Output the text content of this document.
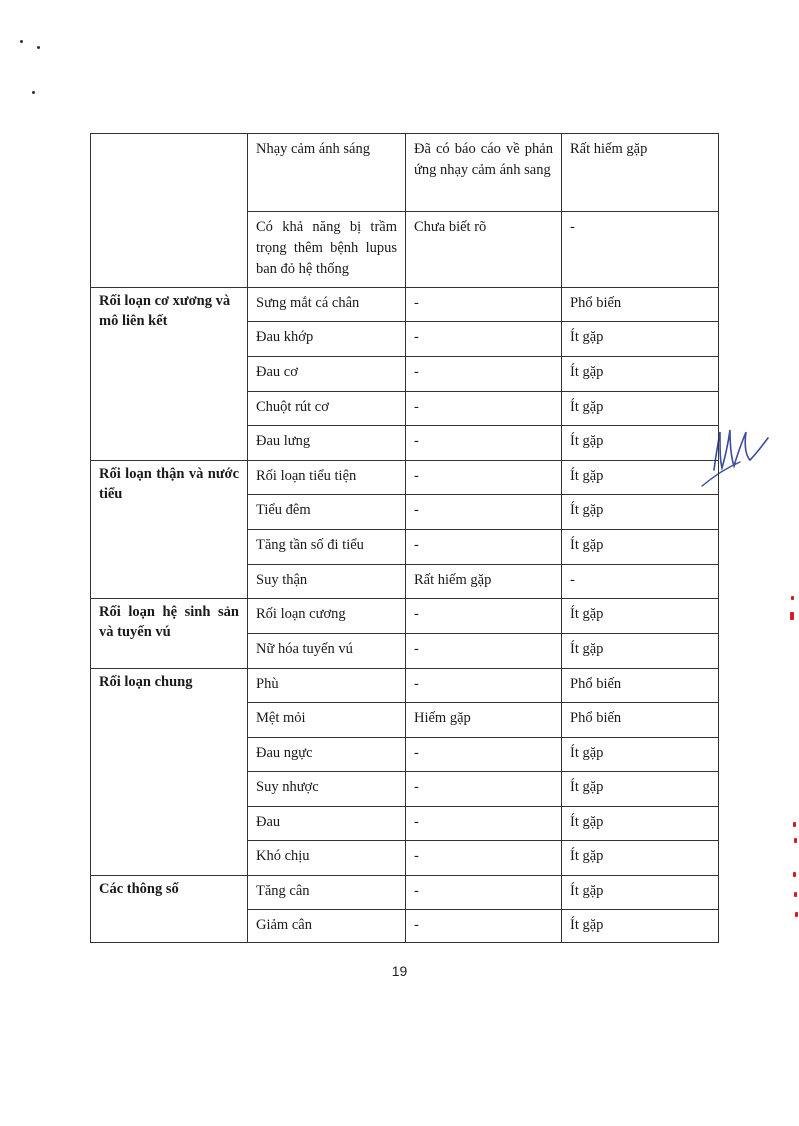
	Nhạy cảm ánh sáng	Đã có báo cáo về phản ứng nhạy cảm ánh sang	Rất hiếm gặp
	Có khả năng bị trầm trọng thêm bệnh lupus ban đỏ hệ thống	Chưa biết rõ	-
Rối loạn cơ xương và mô liên kết	Sưng mắt cá chân	-	Phổ biến
	Đau khớp	-	Ít gặp
	Đau cơ	-	Ít gặp
	Chuột rút cơ	-	Ít gặp
	Đau lưng	-	Ít gặp
Rối loạn thận và nước tiểu	Rối loạn tiểu tiện	-	Ít gặp
	Tiểu đêm	-	Ít gặp
	Tăng tần số đi tiểu	-	Ít gặp
	Suy thận	Rất hiếm gặp	-
Rối loạn hệ sinh sản và tuyến vú	Rối loạn cương	-	Ít gặp
	Nữ hóa tuyến vú	-	Ít gặp
Rối loạn chung	Phù	-	Phổ biến
	Mệt mỏi	Hiếm gặp	Phổ biến
	Đau ngực	-	Ít gặp
	Suy nhược	-	Ít gặp
	Đau	-	Ít gặp
	Khó chịu	-	Ít gặp
Các thông số	Tăng cân	-	Ít gặp
	Giảm cân	-	Ít gặp
19
